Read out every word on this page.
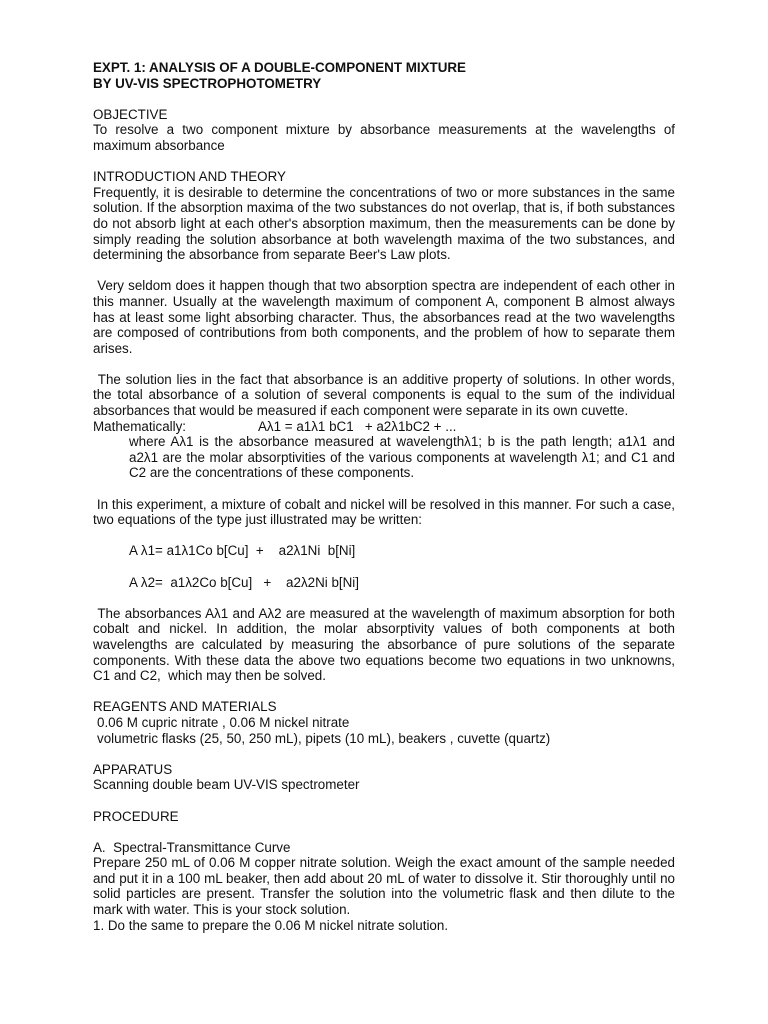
EXPT. 1: ANALYSIS OF A DOUBLE-COMPONENT MIXTURE
BY UV-VIS SPECTROPHOTOMETRY
OBJECTIVE

To resolve a two component mixture by absorbance measurements at the wavelengths of maximum absorbance

INTRODUCTION AND THEORY

Frequently, it is desirable to determine the concentrations of two or more substances in the same solution. If the absorption maxima of the two substances do not overlap, that is, if both substances do not absorb light at each other's absorption maximum, then the measurements can be done by simply reading the solution absorbance at both wavelength maxima of the two substances, and determining the absorbance from separate Beer's Law plots.

Very seldom does it happen though that two absorption spectra are independent of each other in this manner. Usually at the wavelength maximum of component A, component B almost always has at least some light absorbing character. Thus, the absorbances read at the two wavelengths are composed of contributions from both components, and the problem of how to separate them arises.

The solution lies in the fact that absorbance is an additive property of solutions. In other words, the total absorbance of a solution of several components is equal to the sum of the individual absorbances that would be measured if each component were separate in its own cuvette.

Mathematically:	Aλ1 = a1λ1 bC1   + a2λ1bC2 + ...

where Aλ1 is the absorbance measured at wavelengthλ1; b is the path length; a1λ1 and a2λ1 are the molar absorptivities of the various components at wavelength λ1; and C1 and C2 are the concentrations of these components.

In this experiment, a mixture of cobalt and nickel will be resolved in this manner. For such a case, two equations of the type just illustrated may be written:

A λ1= a1λ1Co b[Cu]  +    a2λ1Ni  b[Ni]
A λ2=  a1λ2Co b[Cu]   +    a2λ2Ni b[Ni]

The absorbances Aλ1 and Aλ2 are measured at the wavelength of maximum absorption for both cobalt and nickel. In addition, the molar absorptivity values of both components at both wavelengths are calculated by measuring the absorbance of pure solutions of the separate components. With these data the above two equations become two equations in two unknowns, C1 and C2,  which may then be solved.

REAGENTS AND MATERIALS
0.06 M cupric nitrate , 0.06 M nickel nitrate
volumetric flasks (25, 50, 250 mL), pipets (10 mL), beakers , cuvette (quartz)
APPARATUS
Scanning double beam UV-VIS spectrometer
PROCEDURE
A.  Spectral-Transmittance Curve

Prepare 250 mL of 0.06 M copper nitrate solution. Weigh the exact amount of the sample needed and put it in a 100 mL beaker, then add about 20 mL of water to dissolve it. Stir thoroughly until no solid particles are present. Transfer the solution into the volumetric flask and then dilute to the mark with water. This is your stock solution.

1. Do the same to prepare the 0.06 M nickel nitrate solution.
